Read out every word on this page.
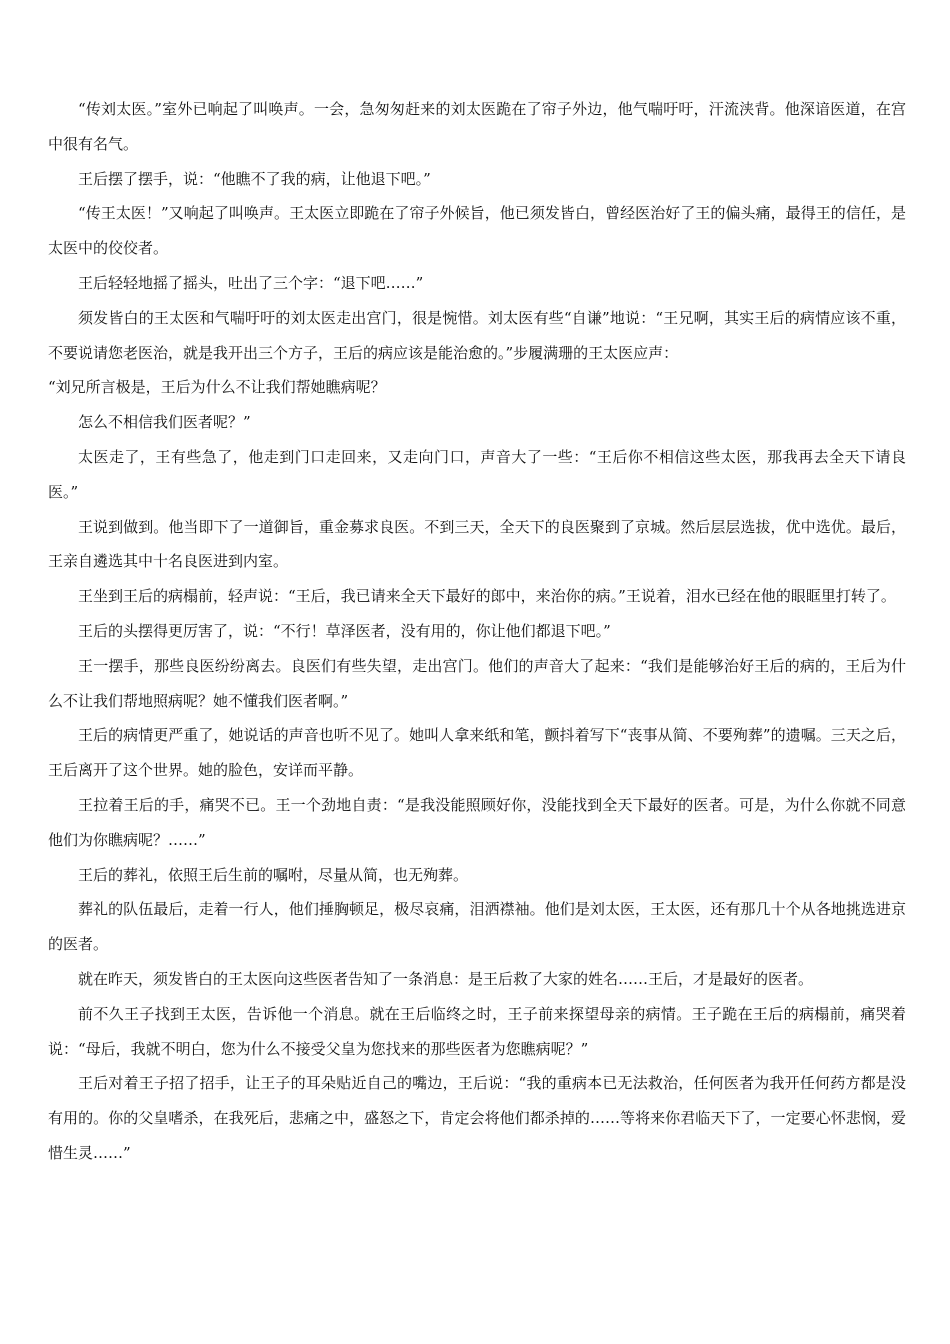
“传刘太医。”室外已响起了叫唤声。一会，急匆匆赶来的刘太医跪在了帘子外边，他气喘吁吁，汗流浃背。他深谙医道，在宫中很有名气。

王后摆了摆手，说：“他瞧不了我的病，让他退下吧。”

“传王太医！”又响起了叫唤声。王太医立即跪在了帘子外候旨，他已须发皆白，曾经医治好了王的偏头痛，最得王的信任，是太医中的佼佼者。

王后轻轻地摇了摇头，吐出了三个字：“退下吧……”

须发皆白的王太医和气喘吁吁的刘太医走出宫门，很是惋惜。刘太医有些“自谦”地说：“王兄啊，其实王后的病情应该不重，不要说请您老医治，就是我开出三个方子，王后的病应该是能治愈的。”步履满珊的王太医应声：

“刘兄所言极是，王后为什么不让我们帮她瞧病呢？

怎么不相信我们医者呢？”

太医走了，王有些急了，他走到门口走回来，又走向门口，声音大了一些：“王后你不相信这些太医，那我再去全天下请良医。”

王说到做到。他当即下了一道御旨，重金募求良医。不到三天，全天下的良医聚到了京城。然后层层选拔，优中选优。最后，王亲自遴选其中十名良医进到内室。

王坐到王后的病榻前，轻声说：“王后，我已请来全天下最好的郎中，来治你的病。”王说着，泪水已经在他的眼眶里打转了。

王后的头摆得更厉害了，说：“不行！草泽医者，没有用的，你让他们都退下吧。”

王一摆手，那些良医纷纷离去。良医们有些失望，走出宫门。他们的声音大了起来：“我们是能够治好王后的病的，王后为什么不让我们帮地照病呢？她不懂我们医者啊。”

王后的病情更严重了，她说话的声音也听不见了。她叫人拿来纸和笔，颤抖着写下“丧事从简、不要殉葬”的遗嘱。三天之后，王后离开了这个世界。她的脸色，安详而平静。

王拉着王后的手，痛哭不已。王一个劲地自责：“是我没能照顾好你，没能找到全天下最好的医者。可是，为什么你就不同意他们为你瞧病呢？……”

王后的葬礼，依照王后生前的嘱咐，尽量从简，也无殉葬。

葬礼的队伍最后，走着一行人，他们捶胸顿足，极尽哀痛，泪洒襟袖。他们是刘太医，王太医，还有那几十个从各地挑选进京的医者。

就在昨天，须发皆白的王太医向这些医者告知了一条消息：是王后救了大家的姓名……王后，才是最好的医者。

前不久王子找到王太医，告诉他一个消息。就在王后临终之时，王子前来探望母亲的病情。王子跪在王后的病榻前，痛哭着说：“母后，我就不明白，您为什么不接受父皇为您找来的那些医者为您瞧病呢？”

王后对着王子招了招手，让王子的耳朵贴近自己的嘴边，王后说：“我的重病本已无法救治，任何医者为我开任何药方都是没有用的。你的父皇嗜杀，在我死后，悲痛之中，盛怒之下，肯定会将他们都杀掉的……等将来你君临天下了，一定要心怀悲悯，爱惜生灵……”
